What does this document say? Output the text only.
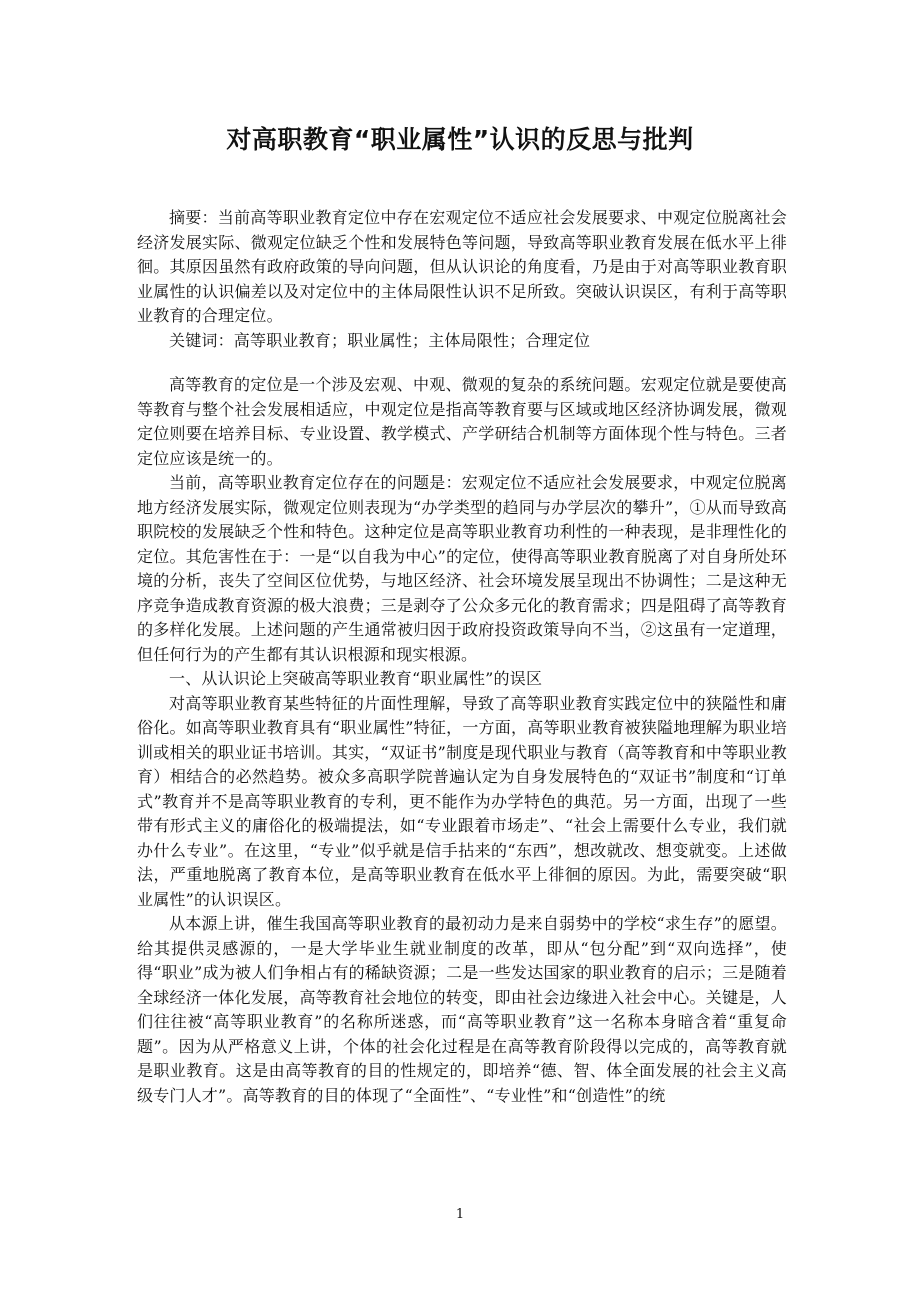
对高职教育“职业属性”认识的反思与批判

摘要：当前高等职业教育定位中存在宏观定位不适应社会发展要求、中观定位脱离社会经济发展实际、微观定位缺乏个性和发展特色等问题，导致高等职业教育发展在低水平上徘徊。其原因虽然有政府政策的导向问题，但从认识论的角度看，乃是由于对高等职业教育职业属性的认识偏差以及对定位中的主体局限性认识不足所致。突破认识误区，有利于高等职业教育的合理定位。

关键词：高等职业教育；职业属性；主体局限性；合理定位

高等教育的定位是一个涉及宏观、中观、微观的复杂的系统问题。宏观定位就是要使高等教育与整个社会发展相适应，中观定位是指高等教育要与区域或地区经济协调发展，微观定位则要在培养目标、专业设置、教学模式、产学研结合机制等方面体现个性与特色。三者定位应该是统一的。

当前，高等职业教育定位存在的问题是：宏观定位不适应社会发展要求，中观定位脱离地方经济发展实际，微观定位则表现为“办学类型的趋同与办学层次的攀升”，①从而导致高职院校的发展缺乏个性和特色。这种定位是高等职业教育功利性的一种表现，是非理性化的定位。其危害性在于：一是“以自我为中心”的定位，使得高等职业教育脱离了对自身所处环境的分析，丧失了空间区位优势，与地区经济、社会环境发展呈现出不协调性；二是这种无序竞争造成教育资源的极大浪费；三是剥夺了公众多元化的教育需求；四是阻碍了高等教育的多样化发展。上述问题的产生通常被归因于政府投资政策导向不当，②这虽有一定道理，但任何行为的产生都有其认识根源和现实根源。

一、从认识论上突破高等职业教育“职业属性”的误区

对高等职业教育某些特征的片面性理解，导致了高等职业教育实践定位中的狭隘性和庸俗化。如高等职业教育具有“职业属性”特征，一方面，高等职业教育被狭隘地理解为职业培训或相关的职业证书培训。其实，“双证书”制度是现代职业与教育（高等教育和中等职业教育）相结合的必然趋势。被众多高职学院普遍认定为自身发展特色的“双证书”制度和“订单式”教育并不是高等职业教育的专利，更不能作为办学特色的典范。另一方面，出现了一些带有形式主义的庸俗化的极端提法，如“专业跟着市场走”、“社会上需要什么专业，我们就办什么专业”。在这里，“专业”似乎就是信手拈来的“东西”，想改就改、想变就变。上述做法，严重地脱离了教育本位，是高等职业教育在低水平上徘徊的原因。为此，需要突破“职业属性”的认识误区。

从本源上讲，催生我国高等职业教育的最初动力是来自弱势中的学校“求生存”的愿望。给其提供灵感源的，一是大学毕业生就业制度的改革，即从“包分配”到“双向选择”，使得“职业”成为被人们争相占有的稀缺资源；二是一些发达国家的职业教育的启示；三是随着全球经济一体化发展，高等教育社会地位的转变，即由社会边缘进入社会中心。关键是，人们往往被“高等职业教育”的名称所迷惑，而“高等职业教育”这一名称本身暗含着“重复命题”。因为从严格意义上讲，个体的社会化过程是在高等教育阶段得以完成的，高等教育就是职业教育。这是由高等教育的目的性规定的，即培养“德、智、体全面发展的社会主义高级专门人才”。高等教育的目的体现了“全面性”、“专业性”和“创造性”的统

1
